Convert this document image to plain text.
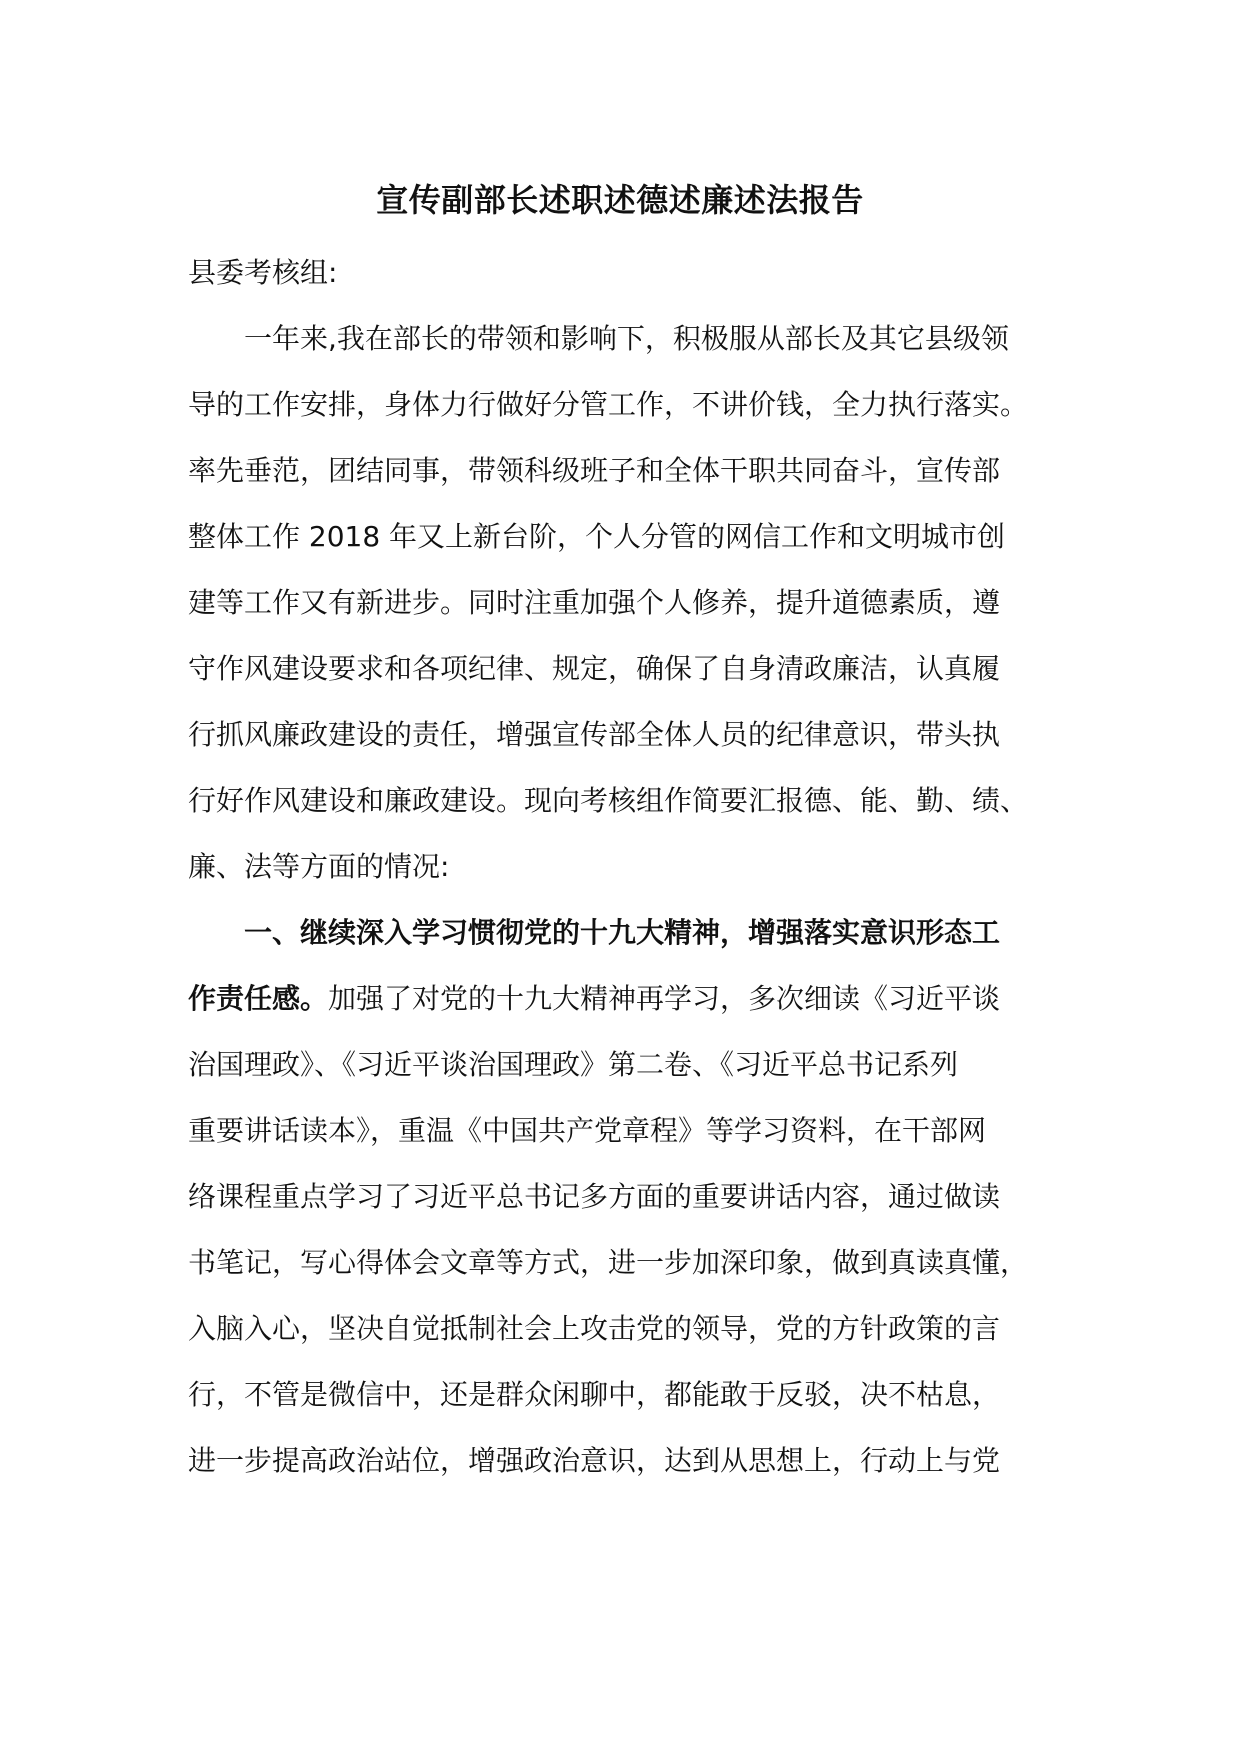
宣传副部长述职述德述廉述法报告
县委考核组:
一年来,我在部长的带领和影响下，积极服从部长及其它县级领
导的工作安排，身体力行做好分管工作，不讲价钱，全力执行落实。
率先垂范，团结同事，带领科级班子和全体干职共同奋斗，宣传部
整体工作 2018 年又上新台阶，个人分管的网信工作和文明城市创
建等工作又有新进步。同时注重加强个人修养，提升道德素质，遵
守作风建设要求和各项纪律、规定，确保了自身清政廉洁，认真履
行抓风廉政建设的责任，增强宣传部全体人员的纪律意识，带头执
行好作风建设和廉政建设。现向考核组作简要汇报德、能、勤、绩、
廉、法等方面的情况:
一、继续深入学习惯彻党的十九大精神，增强落实意识形态工
作责任感。加强了对党的十九大精神再学习，多次细读《习近平谈
治国理政》、《习近平谈治国理政》第二卷、《习近平总书记系列
重要讲话读本》，重温《中国共产党章程》等学习资料，在干部网
络课程重点学习了习近平总书记多方面的重要讲话内容，通过做读
书笔记，写心得体会文章等方式，进一步加深印象，做到真读真懂，
入脑入心，坚决自觉抵制社会上攻击党的领导，党的方针政策的言
行，不管是微信中，还是群众闲聊中，都能敢于反驳，决不枯息，
进一步提高政治站位，增强政治意识，达到从思想上，行动上与党
